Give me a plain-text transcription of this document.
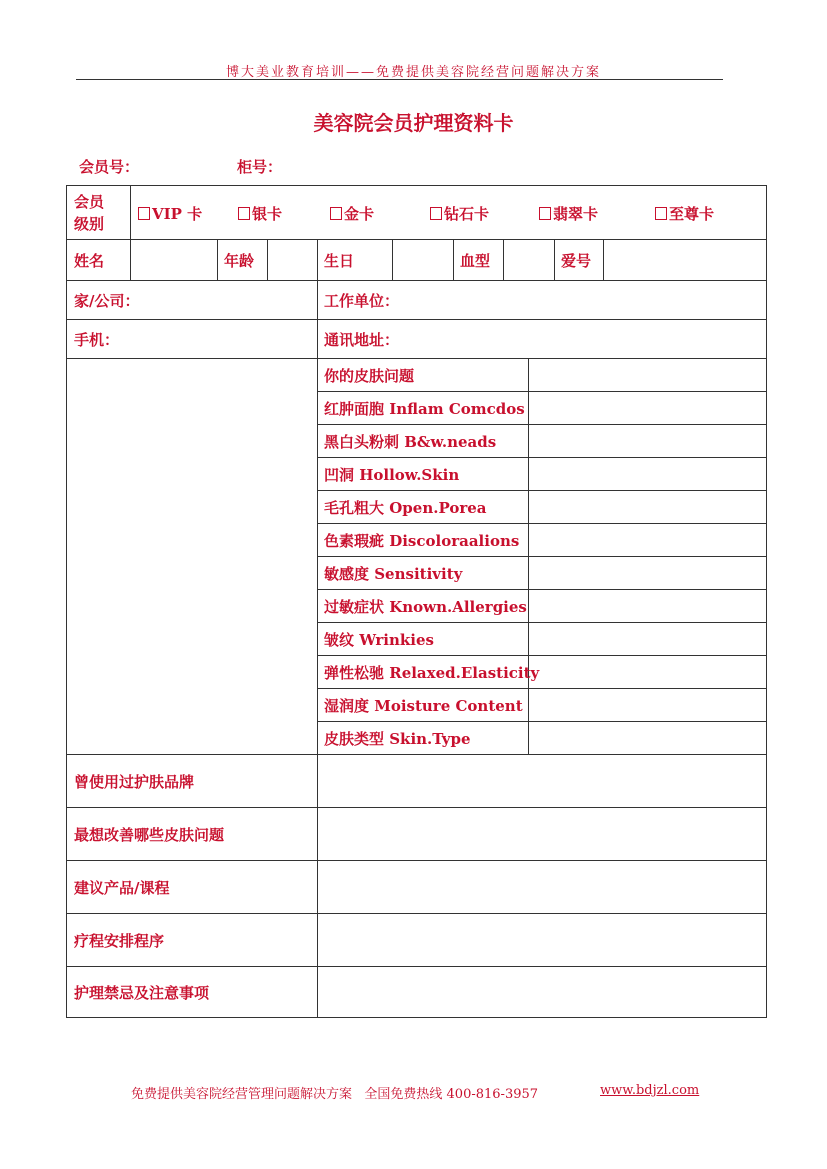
博大美业教育培训——免费提供美容院经营问题解决方案
美容院会员护理资料卡
会员号：	柜号：
会员
级别
VIP 卡	银卡	金卡	钻石卡	翡翠卡	至尊卡
姓名	年龄	生日	血型	爱号
家/公司：	工作单位：
手机：	通讯地址：
你的皮肤问题
红肿面胞 Inflam Comcdos
黑白头粉刺 B&w.neads
凹洞 Hollow.Skin
毛孔粗大 Open.Porea
色素瑕疵 Discoloraalions
敏感度 Sensitivity
过敏症状 Known.Allergies
皱纹 Wrinkies
弹性松驰 Relaxed.Elasticity
湿润度 Moisture Content
皮肤类型 Skin.Type
曾使用过护肤品牌
最想改善哪些皮肤问题
建议产品/课程
疗程安排程序
护理禁忌及注意事项
免费提供美容院经营管理问题解决方案   全国免费热线 400-816-3957	www.bdjzl.com
